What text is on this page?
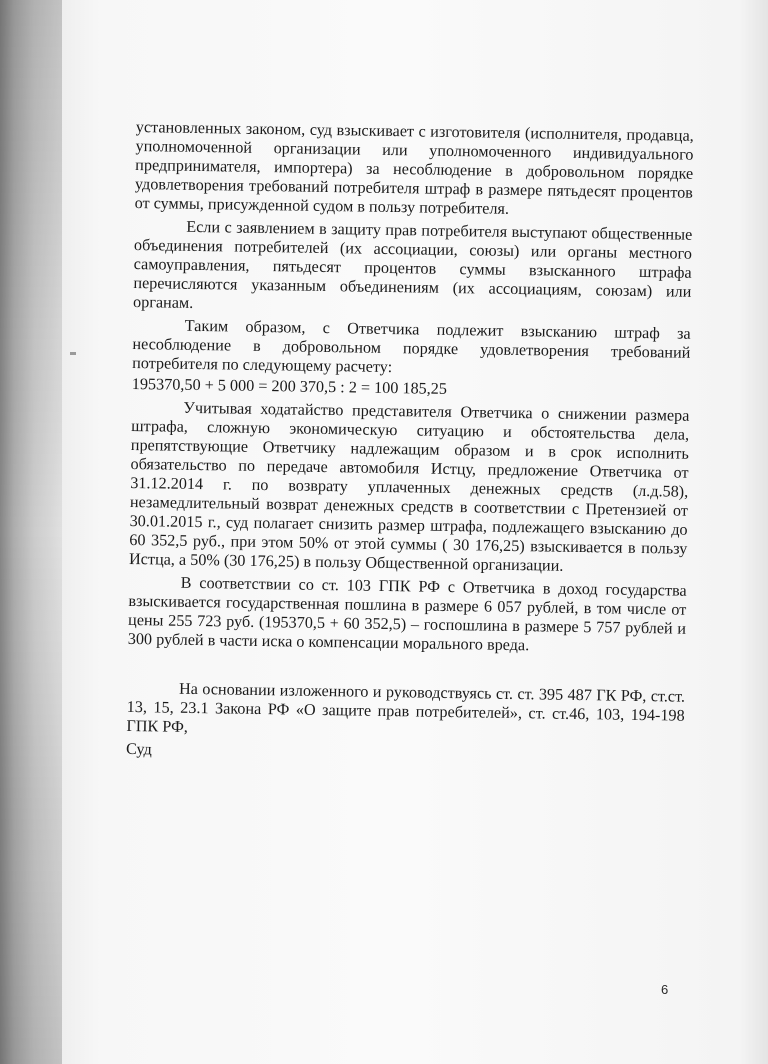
установленных законом, суд взыскивает с изготовителя (исполнителя, продавца, уполномоченной организации или уполномоченного индивидуального предпринимателя, импортера) за несоблюдение в добровольном порядке удовлетворения требований потребителя штраф в размере пятьдесят процентов от суммы, присужденной судом в пользу потребителя.

Если с заявлением в защиту прав потребителя выступают общественные объединения потребителей (их ассоциации, союзы) или органы местного самоуправления, пятьдесят процентов суммы взысканного штрафа перечисляются указанным объединениям (их ассоциациям, союзам) или органам.

Таким образом, с Ответчика подлежит взысканию штраф за несоблюдение в добровольном порядке удовлетворения требований потребителя по следующему расчету:

195370,50 + 5 000 = 200 370,5 : 2 = 100 185,25

Учитывая ходатайство представителя Ответчика о снижении размера штрафа, сложную экономическую ситуацию и обстоятельства дела, препятствующие Ответчику надлежащим образом и в срок исполнить обязательство по передаче автомобиля Истцу, предложение Ответчика от 31.12.2014 г. по возврату уплаченных денежных средств (л.д.58), незамедлительный возврат денежных средств в соответствии с Претензией от 30.01.2015 г., суд полагает снизить размер штрафа, подлежащего взысканию до 60 352,5 руб., при этом 50% от этой суммы ( 30 176,25) взыскивается в пользу Истца, а 50% (30 176,25) в пользу Общественной организации.

В соответствии со ст. 103 ГПК РФ с Ответчика в доход государства взыскивается государственная пошлина в размере 6 057 рублей, в том числе от цены 255 723 руб. (195370,5 + 60 352,5) – госпошлина в размере 5 757 рублей и 300 рублей в части иска о компенсации морального вреда.

На основании изложенного и руководствуясь ст. ст. 395 487 ГК РФ, ст.ст. 13, 15, 23.1 Закона РФ «О защите прав потребителей», ст. ст.46, 103, 194-198 ГПК РФ,

Суд

6
